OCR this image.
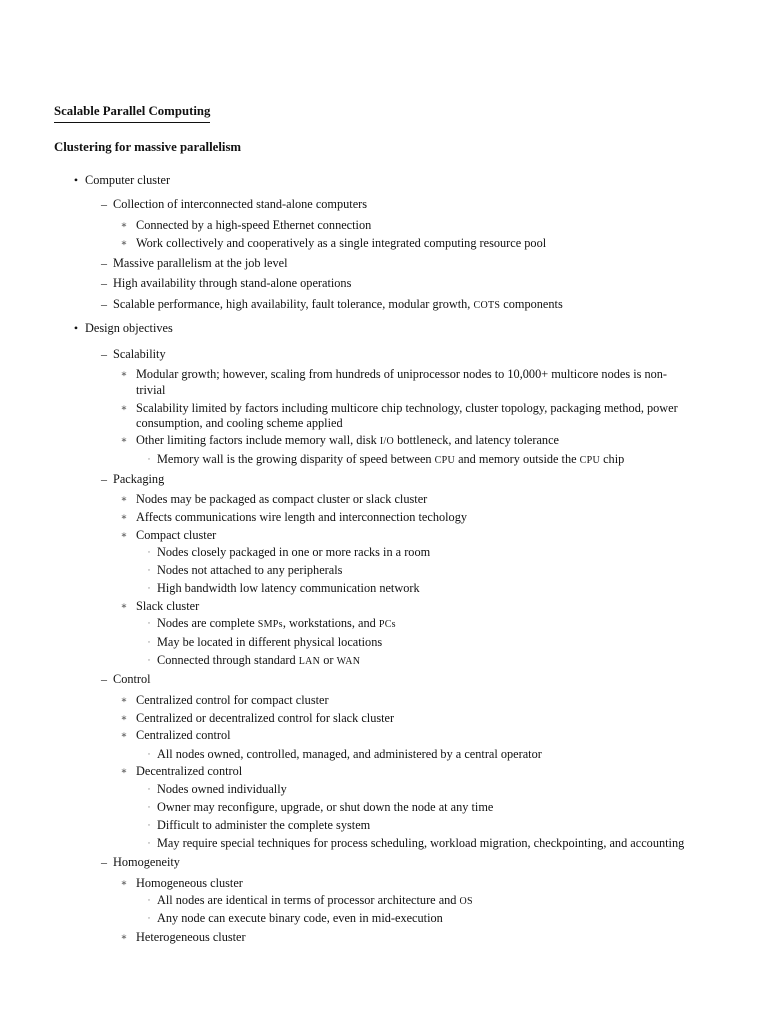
Scalable Parallel Computing
Clustering for massive parallelism
• Computer cluster
– Collection of interconnected stand-alone computers
∗ Connected by a high-speed Ethernet connection
∗ Work collectively and cooperatively as a single integrated computing resource pool
– Massive parallelism at the job level
– High availability through stand-alone operations
– Scalable performance, high availability, fault tolerance, modular growth, COTS components
• Design objectives
– Scalability
∗ Modular growth; however, scaling from hundreds of uniprocessor nodes to 10,000+ multicore nodes is non-
trivial
∗ Scalability limited by factors including multicore chip technology, cluster topology, packaging method, power
consumption, and cooling scheme applied
∗ Other limiting factors include memory wall, disk I/O bottleneck, and latency tolerance
· Memory wall is the growing disparity of speed between CPU and memory outside the CPU chip
– Packaging
∗ Nodes may be packaged as compact cluster or slack cluster
∗ Affects communications wire length and interconnection techology
∗ Compact cluster
· Nodes closely packaged in one or more racks in a room
· Nodes not attached to any peripherals
· High bandwidth low latency communication network
∗ Slack cluster
· Nodes are complete SMPs, workstations, and PCs
· May be located in different physical locations
· Connected through standard LAN or WAN
– Control
∗ Centralized control for compact cluster
∗ Centralized or decentralized control for slack cluster
∗ Centralized control
· All nodes owned, controlled, managed, and administered by a central operator
∗ Decentralized control
· Nodes owned individually
· Owner may reconfigure, upgrade, or shut down the node at any time
· Difficult to administer the complete system
· May require special techniques for process scheduling, workload migration, checkpointing, and accounting
– Homogeneity
∗ Homogeneous cluster
· All nodes are identical in terms of processor architecture and OS
· Any node can execute binary code, even in mid-execution
∗ Heterogeneous cluster
